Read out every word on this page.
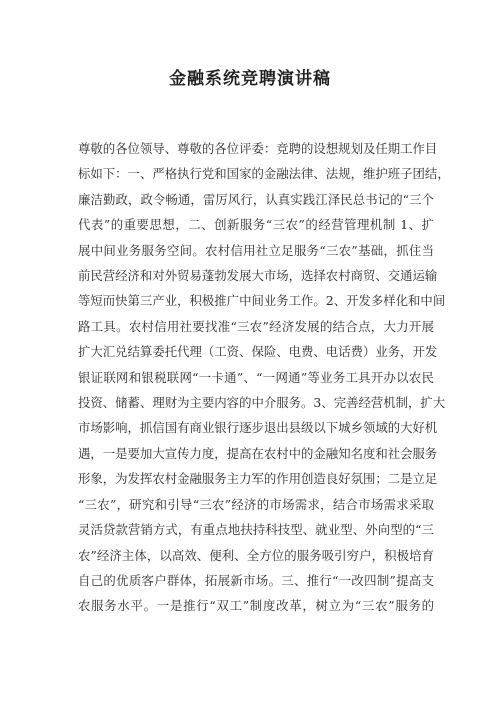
金融系统竞聘演讲稿
尊敬的各位领导、尊敬的各位评委：竞聘的设想规划及任期工作目
标如下：一、严格执行党和国家的金融法律、法规，维护班子团结，
廉洁勤政，政令畅通，雷厉风行，认真实践江泽民总书记的“三个
代表”的重要思想，二、创新服务“三农”的经营管理机制 1、扩
展中间业务服务空间。农村信用社立足服务“三农”基础，抓住当
前民营经济和对外贸易蓬勃发展大市场，选择农村商贸、交通运输
等短而快第三产业，积极推广中间业务工作。2、开发多样化和中间
路工具。农村信用社要找准“三农”经济发展的结合点，大力开展
扩大汇兑结算委托代理（工资、保险、电费、电话费）业务，开发
银证联网和银税联网“一卡通”、“一网通”等业务工具开办以农民
投资、储蓄、理财为主要内容的中介服务。3、完善经营机制，扩大
市场影响，抓信国有商业银行逐步退出县级以下城乡领域的大好机
遇，一是要加大宣传力度，提高在农村中的金融知名度和社会服务
形象，为发挥农村金融服务主力军的作用创造良好氛围；二是立足
“三农”，研究和引导“三农”经济的市场需求，结合市场需求采取
灵活贷款营销方式，有重点地扶持科技型、就业型、外向型的“三
农”经济主体，以高效、便利、全方位的服务吸引穷户，积极培育
自己的优质客户群体，拓展新市场。三、推行“一改四制”提高支
农服务水平。一是推行“双工”制度改革，树立为“三农”服务的
